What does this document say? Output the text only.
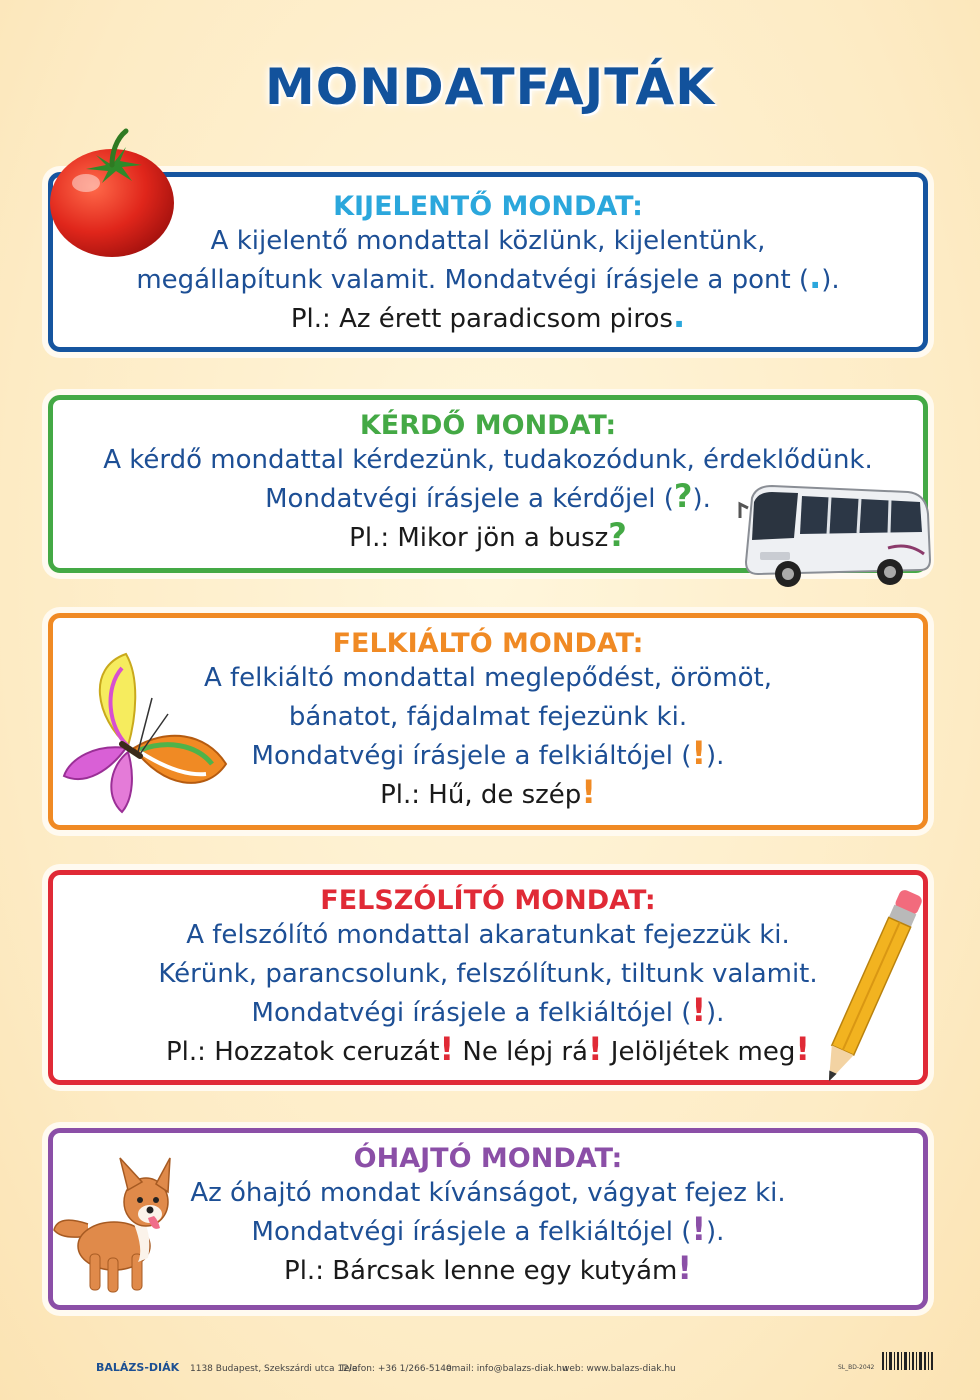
MONDATFAJTÁK
KIJELENTŐ MONDAT:

A kijelentő mondattal közlünk, kijelentünk,

megállapítunk valamit. Mondatvégi írásjele a pont (.).

Pl.: Az érett paradicsom piros.

KÉRDŐ MONDAT:

A kérdő mondattal kérdezünk, tudakozódunk, érdeklődünk.

Mondatvégi írásjele a kérdőjel (?).

Pl.: Mikor jön a busz?

FELKIÁLTÓ MONDAT:

A felkiáltó mondattal meglepődést, örömöt,

bánatot, fájdalmat fejezünk ki.

Mondatvégi írásjele a felkiáltójel (!).

Pl.: Hű, de szép!

FELSZÓLÍTÓ MONDAT:

A felszólító mondattal akaratunkat fejezzük ki.

Kérünk, parancsolunk, felszólítunk, tiltunk valamit.

Mondatvégi írásjele a felkiáltójel (!).

Pl.: Hozzatok ceruzát! Ne lépj rá! Jelöljétek meg!

ÓHAJTÓ MONDAT:

Az óhajtó mondat kívánságot, vágyat fejez ki.

Mondatvégi írásjele a felkiáltójel (!).

Pl.: Bárcsak lenne egy kutyám!

BALÁZS-DIÁK 1138 Budapest, Szekszárdi utca 12/a.
Telefon: +36 1/266-5140
email: info@balazs-diak.hu
web: www.balazs-diak.hu	SL_BD-2042
